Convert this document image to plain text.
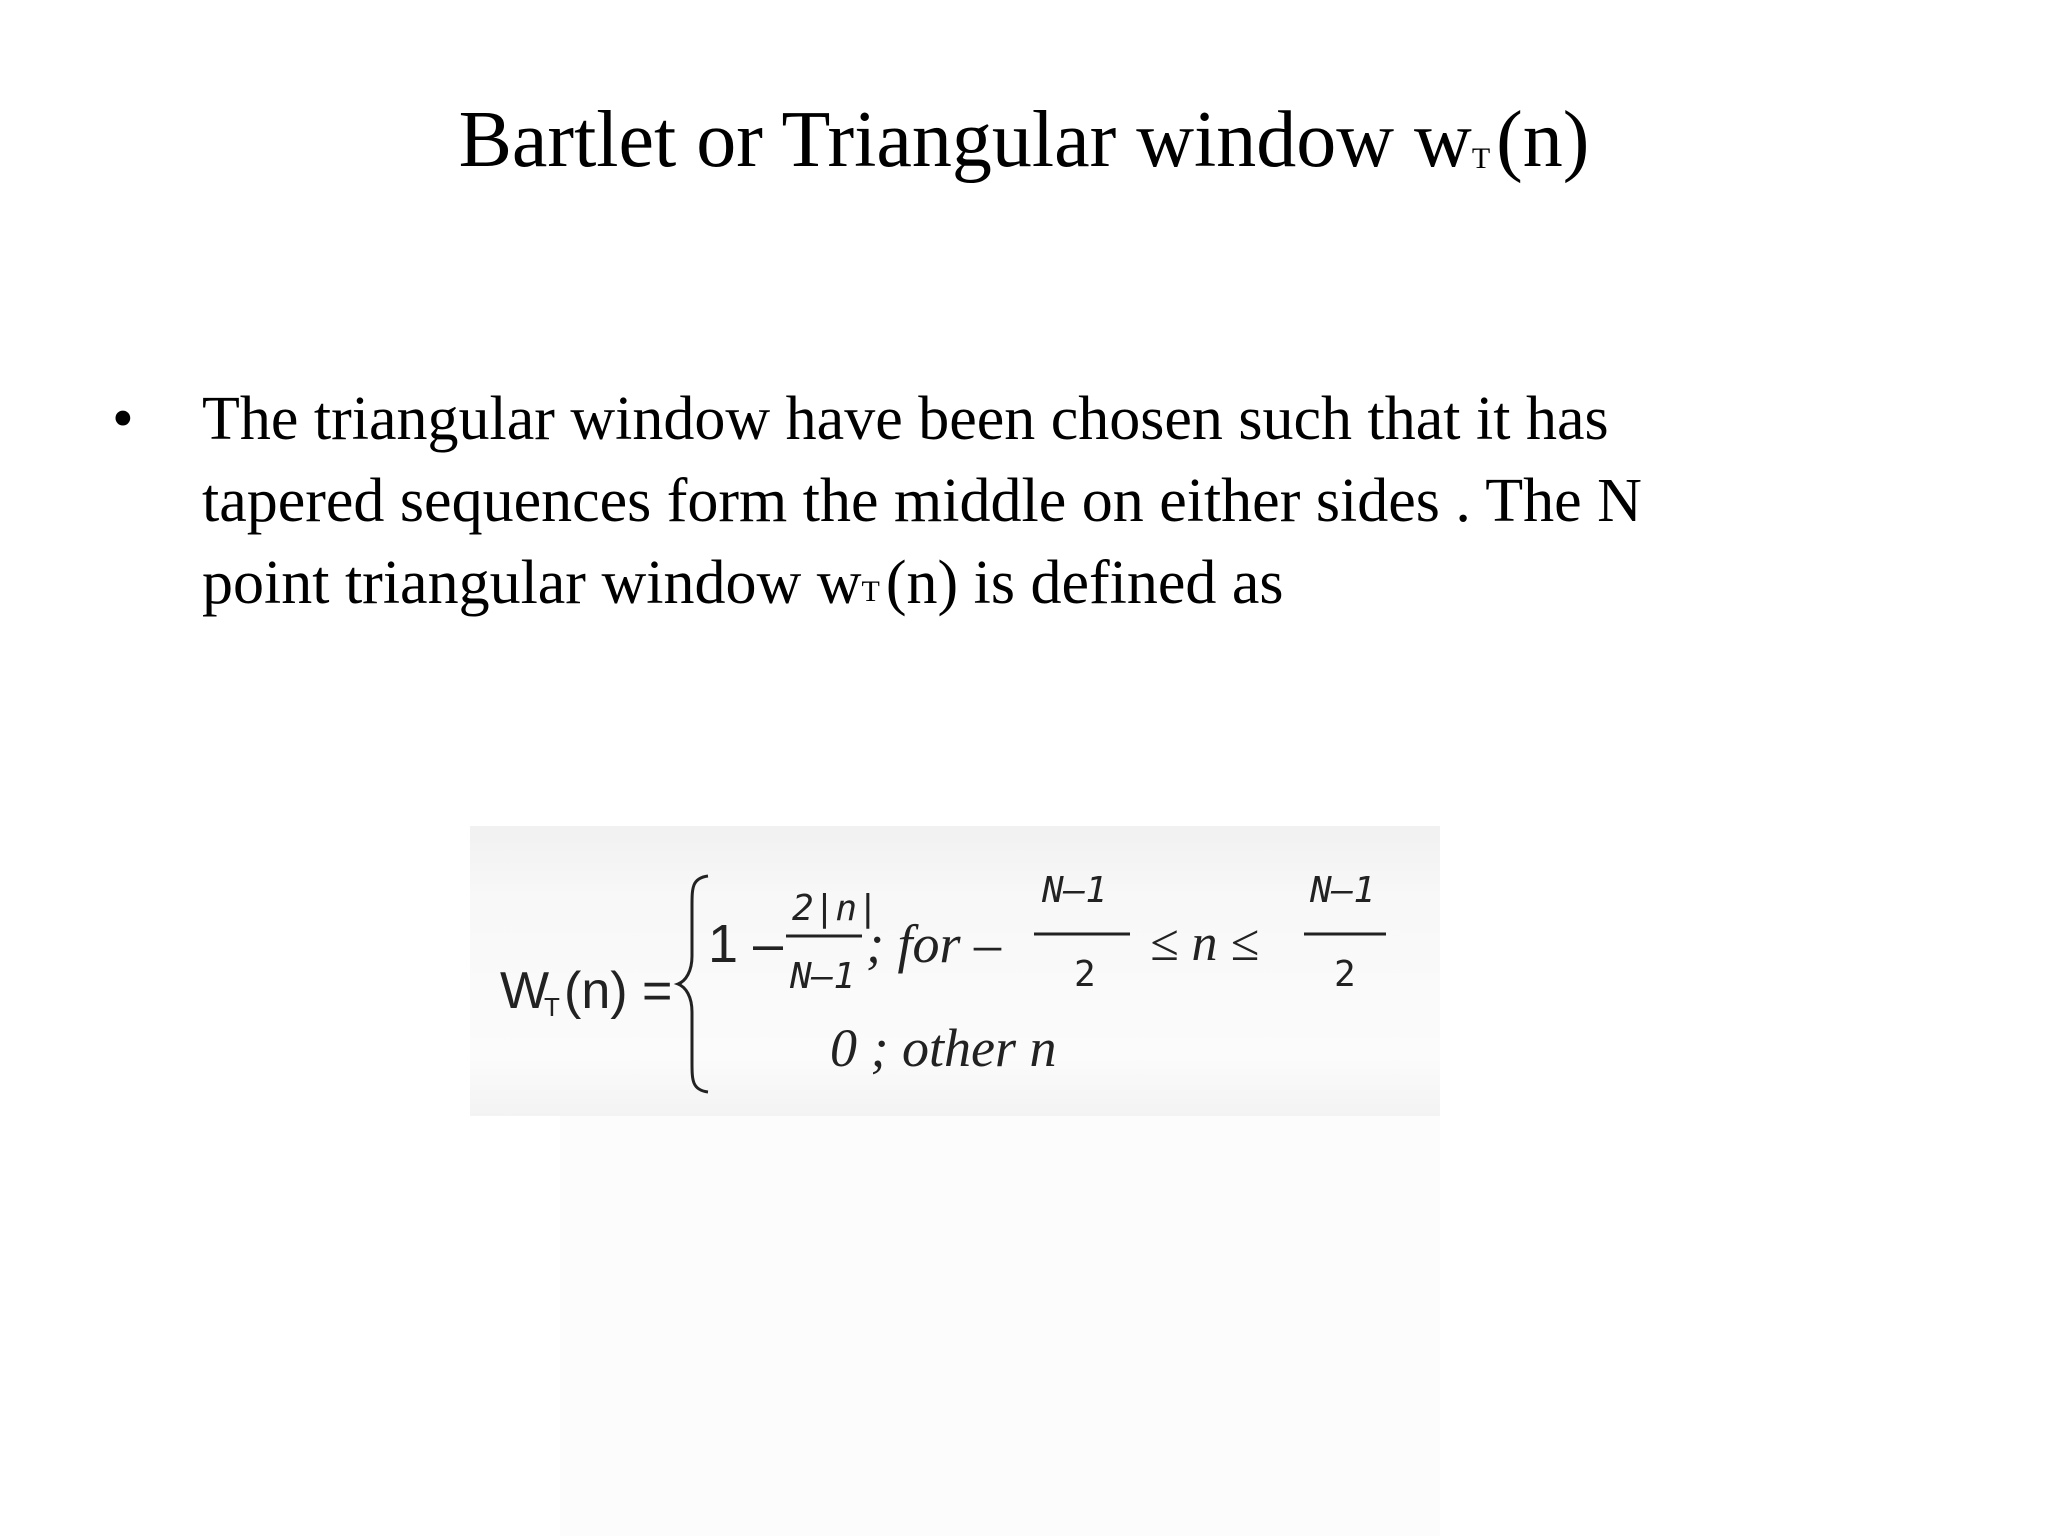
Bartlet or Triangular window wT(n)
• The triangular window have been chosen such that it has
tapered sequences form the middle on either sides . The N
point triangular window wT(n) is defined as
W
T (n) =
1 –
2|n|
N–1
; for –
N–1
2
≤ n ≤
N–1
2
0 ; other n
